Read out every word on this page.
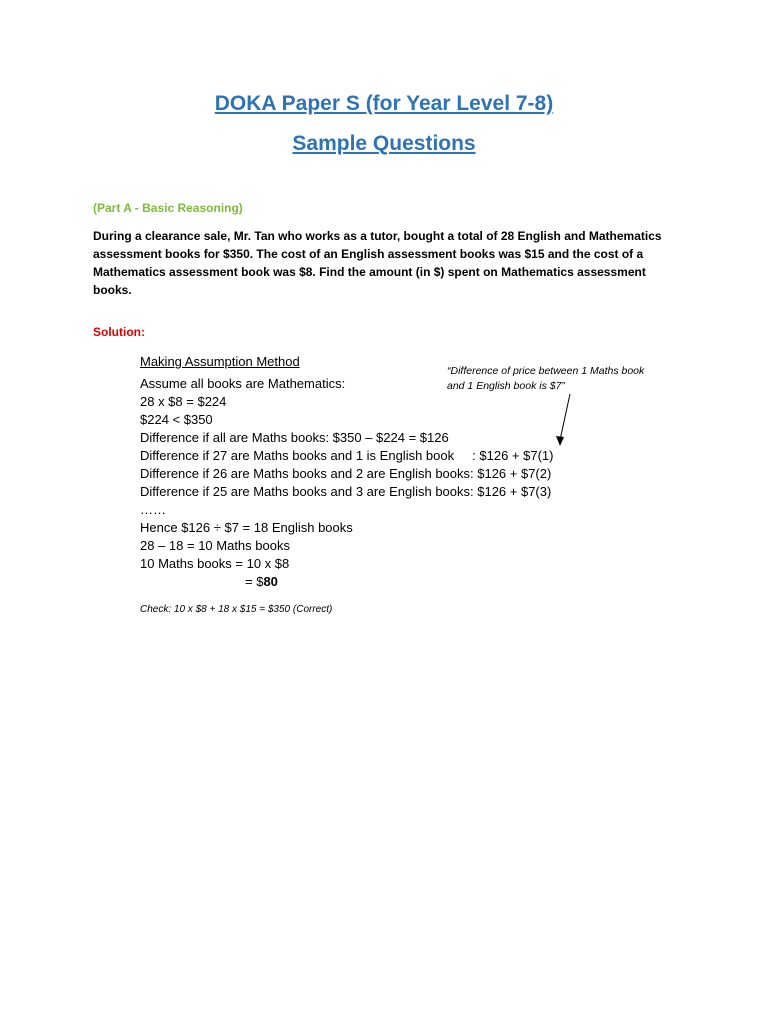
DOKA Paper S (for Year Level 7-8)
Sample Questions
(Part A - Basic Reasoning)
During a clearance sale, Mr. Tan who works as a tutor, bought a total of 28 English and Mathematics assessment books for $350. The cost of an English assessment books was $15 and the cost of a Mathematics assessment book was $8. Find the amount (in $) spent on Mathematics assessment books.
Solution:
Making Assumption Method
Assume all books are Mathematics:
28 x $8 = $224
$224 < $350
Difference if all are Maths books: $350 – $224 = $126
Difference if 27 are Maths books and 1 is English book     : $126 + $7(1)
Difference if 26 are Maths books and 2 are English books: $126 + $7(2)
Difference if 25 are Maths books and 3 are English books: $126 + $7(3)
……
Hence $126 ÷ $7 = 18 English books
28 – 18 = 10 Maths books
10 Maths books = 10 x $8
= $80
Check: 10 x $8 + 18 x $15 = $350 (Correct)
“Difference of price between 1 Maths book
and 1 English book is $7”
